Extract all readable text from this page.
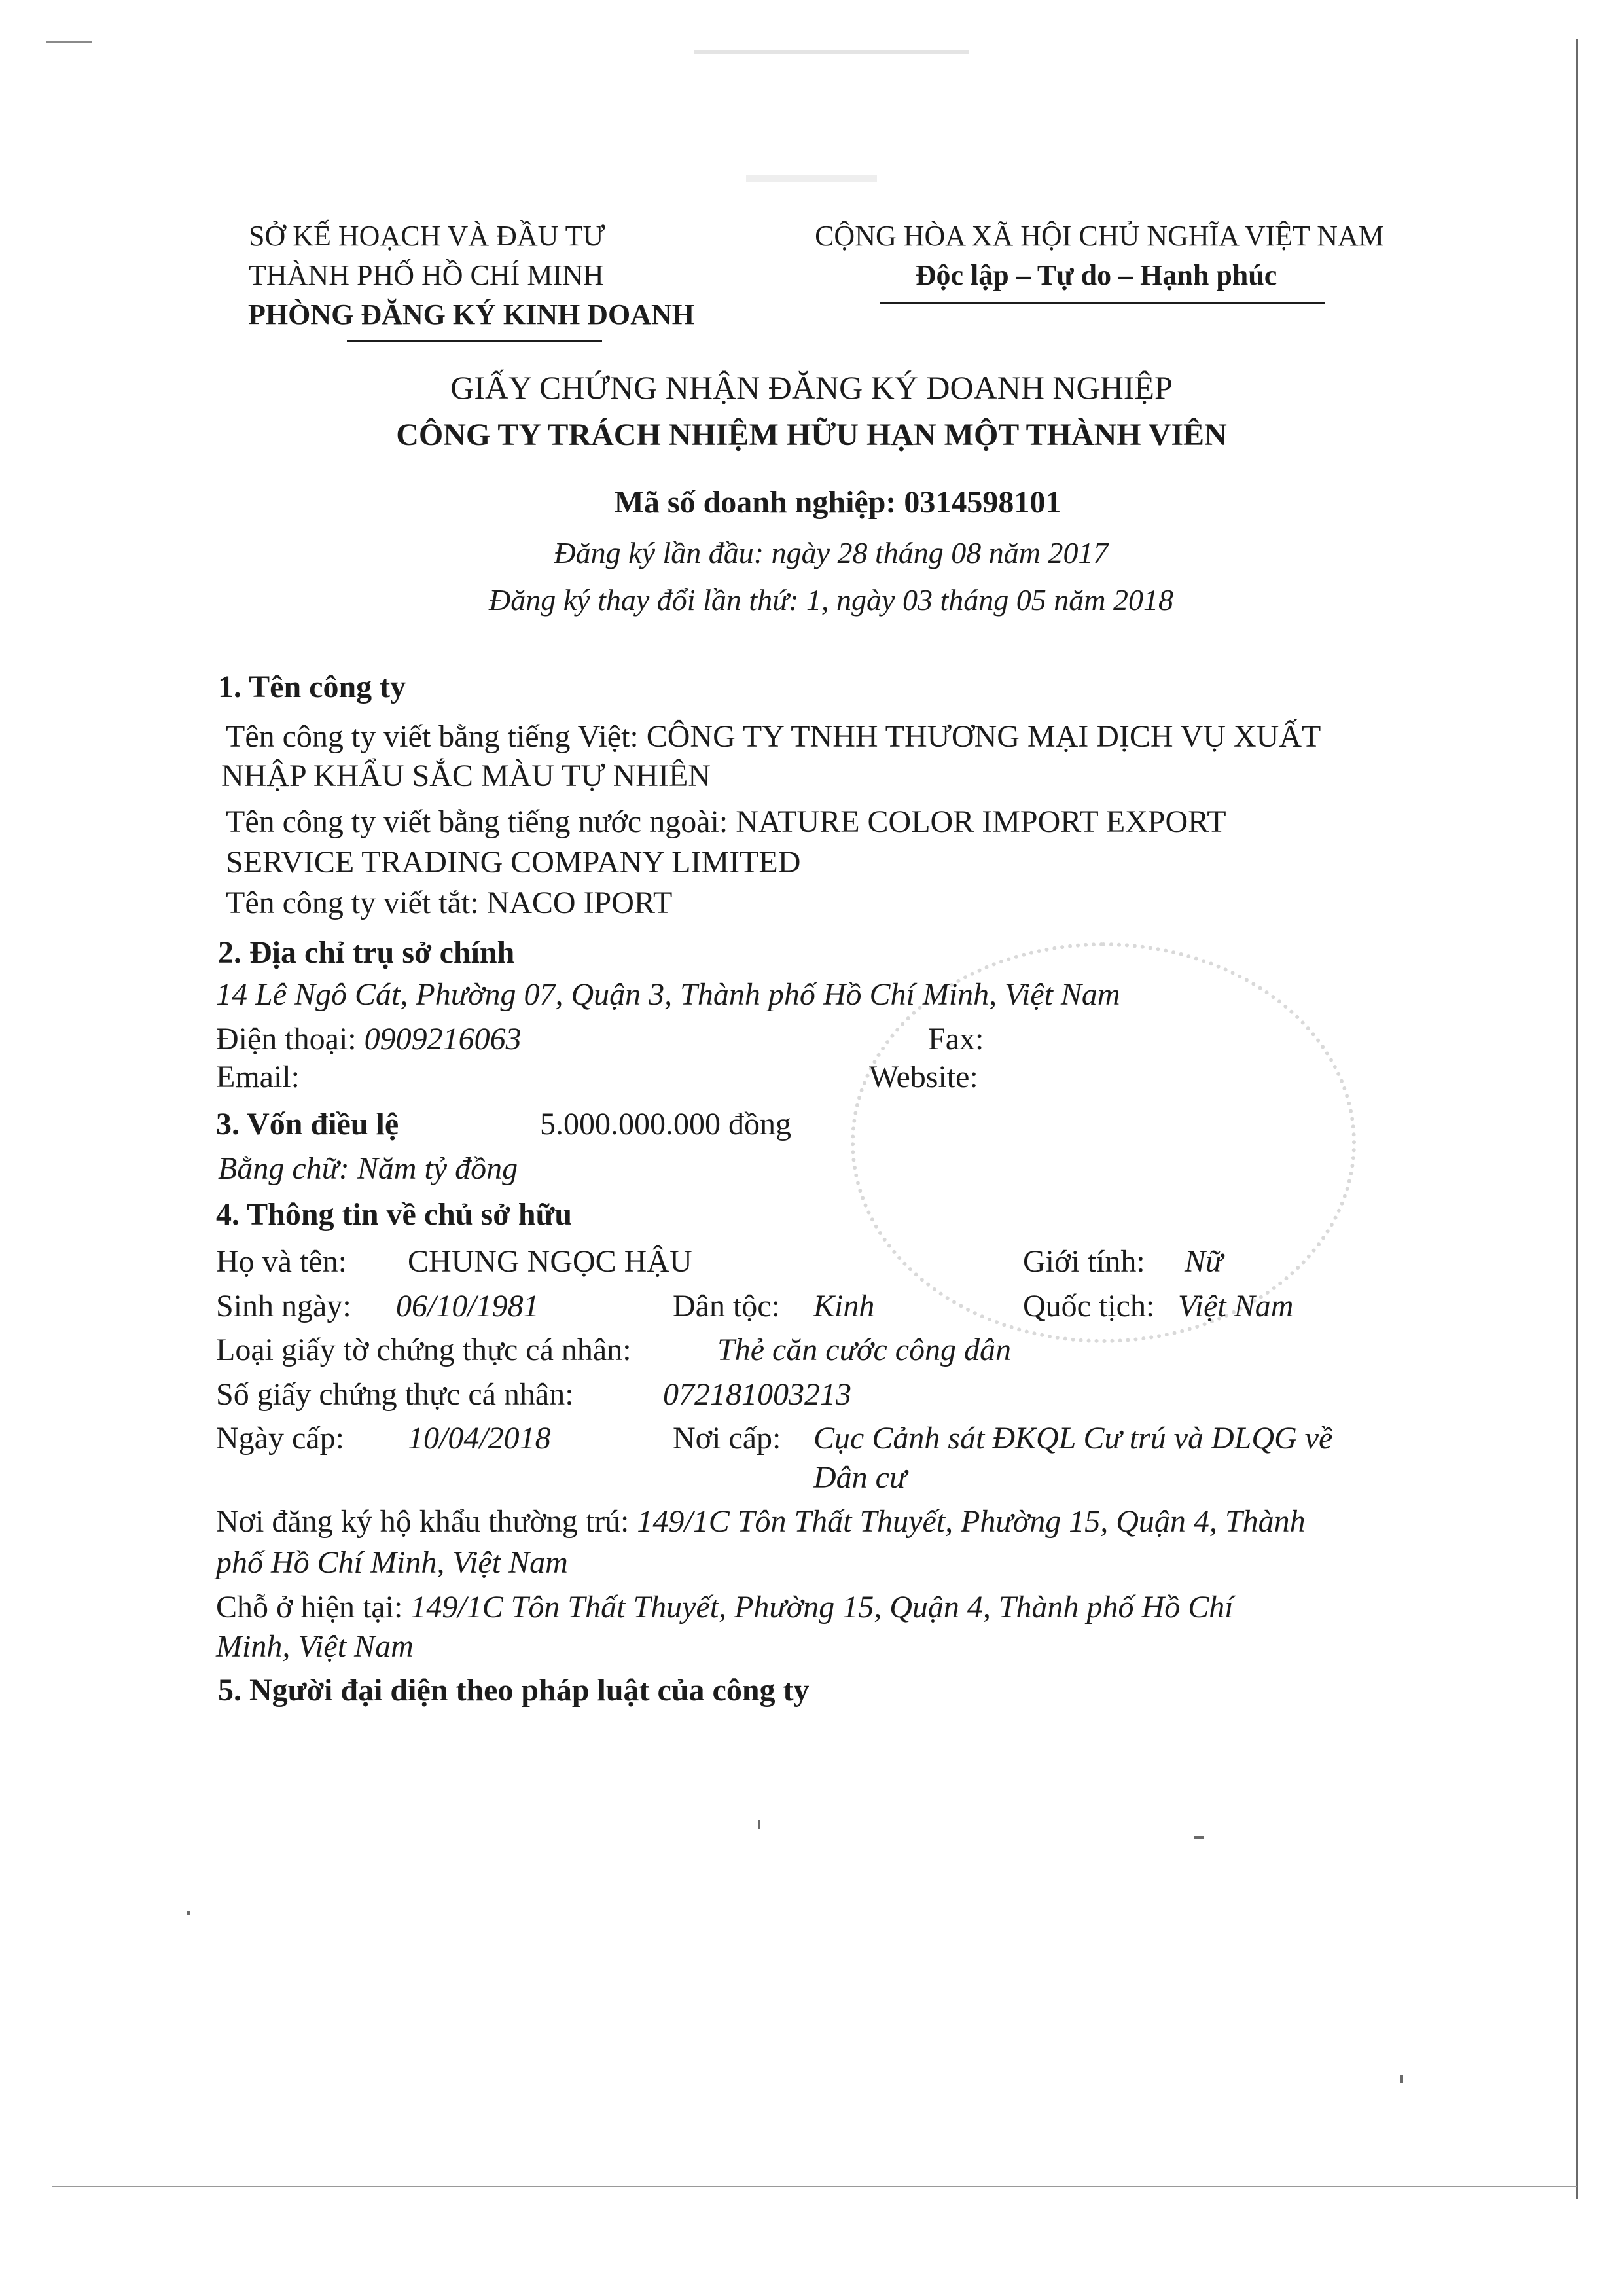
SỞ KẾ HOẠCH VÀ ĐẦU TƯ
THÀNH PHỐ HỒ CHÍ MINH
PHÒNG ĐĂNG KÝ KINH DOANH
CỘNG HÒA XÃ HỘI CHỦ NGHĨA VIỆT NAM
Độc lập – Tự do – Hạnh phúc
GIẤY CHỨNG NHẬN ĐĂNG KÝ DOANH NGHIỆP
CÔNG TY TRÁCH NHIỆM HỮU HẠN MỘT THÀNH VIÊN
Mã số doanh nghiệp: 0314598101
Đăng ký lần đầu: ngày 28 tháng 08 năm 2017
Đăng ký thay đổi lần thứ: 1, ngày 03 tháng 05 năm 2018
1. Tên công ty
Tên công ty viết bằng tiếng Việt: CÔNG TY TNHH THƯƠNG MẠI DỊCH VỤ XUẤT
NHẬP KHẨU SẮC MÀU TỰ NHIÊN
Tên công ty viết bằng tiếng nước ngoài: NATURE COLOR IMPORT EXPORT
SERVICE TRADING COMPANY LIMITED
Tên công ty viết tắt: NACO IPORT
2. Địa chỉ trụ sở chính
14 Lê Ngô Cát, Phường 07, Quận 3, Thành phố Hồ Chí Minh, Việt Nam
Điện thoại: 0909216063	Fax:
Email:	Website:
3. Vốn điều lệ	5.000.000.000 đồng
Bằng chữ: Năm tỷ đồng
4. Thông tin về chủ sở hữu
Họ và tên: CHUNG NGỌC HẬU	Giới tính: Nữ
Sinh ngày: 06/10/1981	Dân tộc: Kinh	Quốc tịch: Việt Nam
Loại giấy tờ chứng thực cá nhân:	Thẻ căn cước công dân
Số giấy chứng thực cá nhân:	072181003213
Ngày cấp: 10/04/2018	Nơi cấp: Cục Cảnh sát ĐKQL Cư trú và DLQG về
Dân cư
Nơi đăng ký hộ khẩu thường trú: 149/1C Tôn Thất Thuyết, Phường 15, Quận 4, Thành
phố Hồ Chí Minh, Việt Nam
Chỗ ở hiện tại: 149/1C Tôn Thất Thuyết, Phường 15, Quận 4, Thành phố Hồ Chí
Minh, Việt Nam
5. Người đại diện theo pháp luật của công ty
